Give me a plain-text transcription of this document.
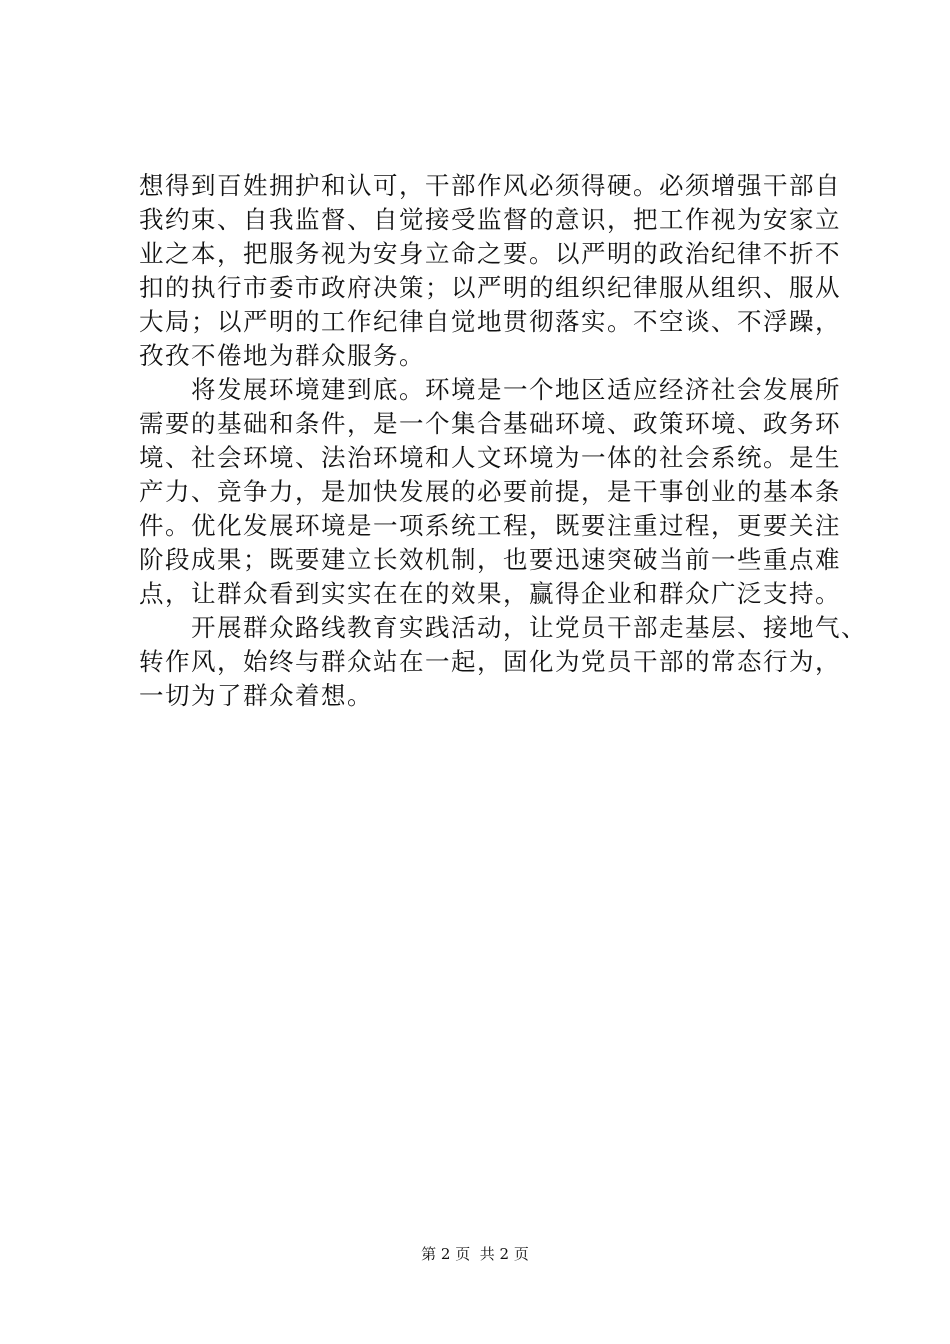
想得到百姓拥护和认可，干部作风必须得硬。必须增强干部自
我约束、自我监督、自觉接受监督的意识，把工作视为安家立
业之本，把服务视为安身立命之要。以严明的政治纪律不折不
扣的执行市委市政府决策；以严明的组织纪律服从组织、服从
大局；以严明的工作纪律自觉地贯彻落实。不空谈、不浮躁，
孜孜不倦地为群众服务。
　　将发展环境建到底。环境是一个地区适应经济社会发展所
需要的基础和条件，是一个集合基础环境、政策环境、政务环
境、社会环境、法治环境和人文环境为一体的社会系统。是生
产力、竞争力，是加快发展的必要前提，是干事创业的基本条
件。优化发展环境是一项系统工程，既要注重过程，更要关注
阶段成果；既要建立长效机制，也要迅速突破当前一些重点难
点，让群众看到实实在在的效果，赢得企业和群众广泛支持。
　　开展群众路线教育实践活动，让党员干部走基层、接地气、
转作风，始终与群众站在一起，固化为党员干部的常态行为，
一切为了群众着想。
第 2 页  共 2 页
